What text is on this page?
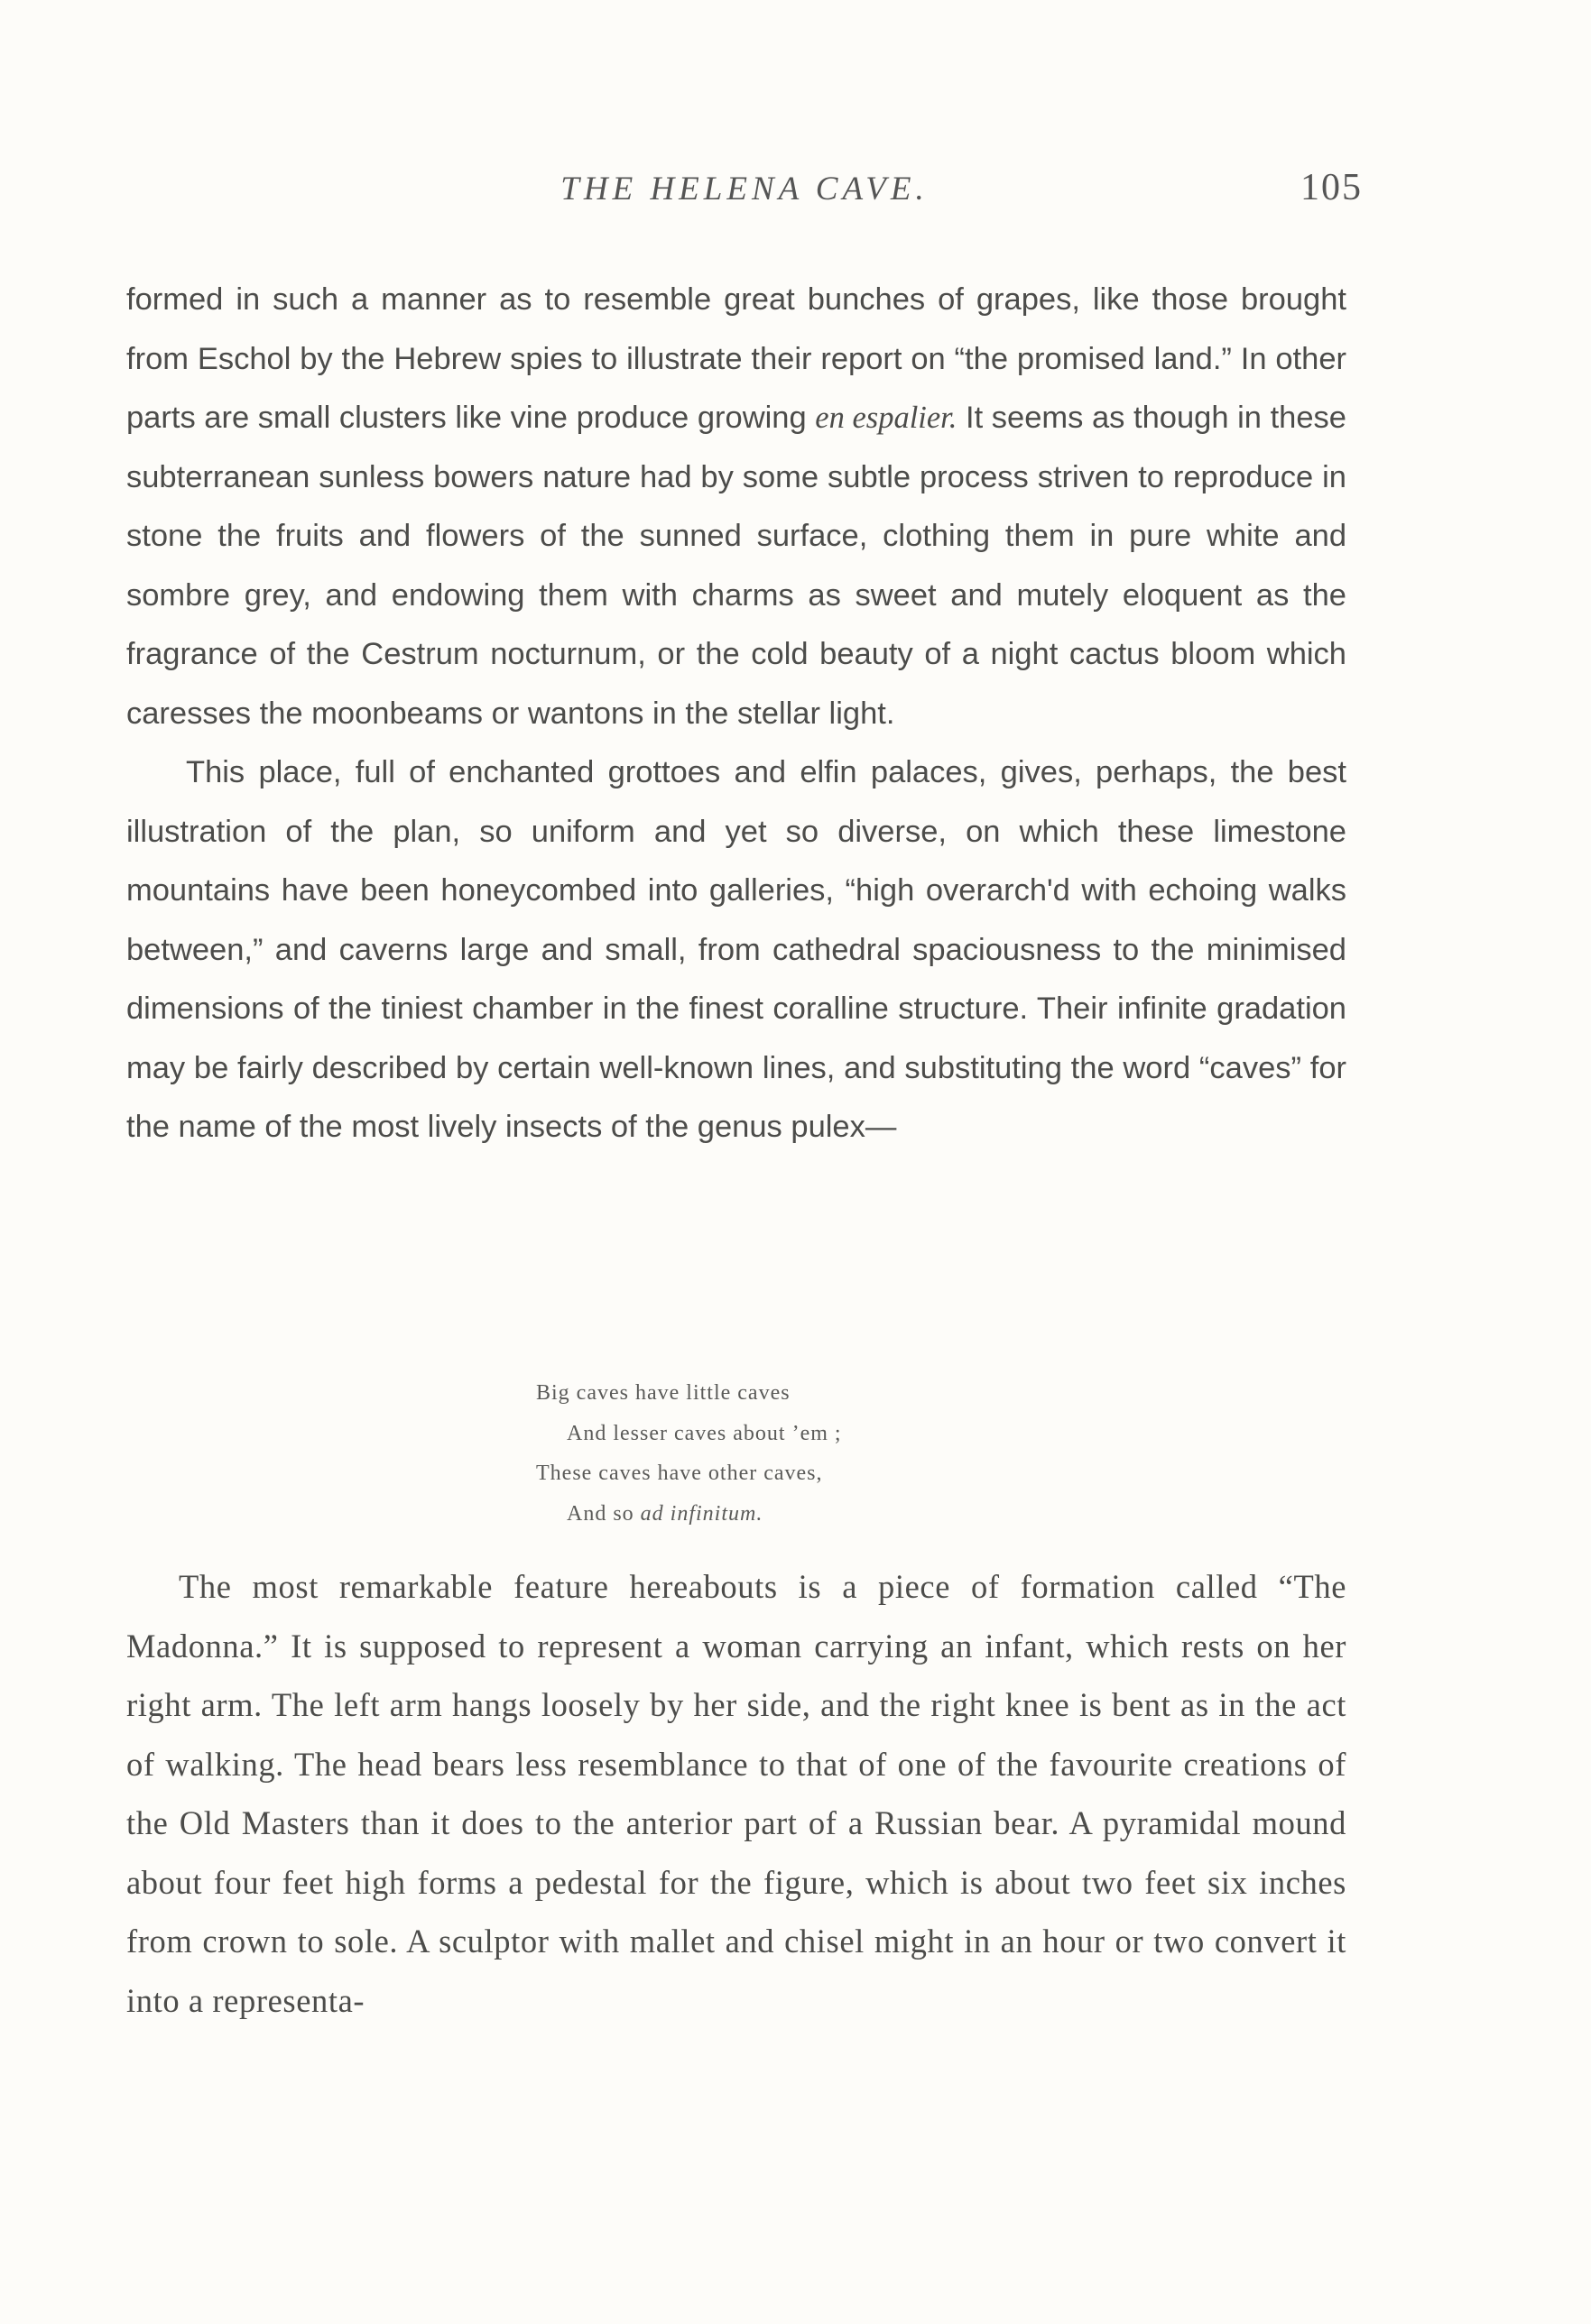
THE HELENA CAVE.	105

formed in such a manner as to resemble great bunches of grapes, like those brought from Eschol by the Hebrew spies to illustrate their report on “the promised land.” In other parts are small clusters like vine produce growing en espalier. It seems as though in these subterranean sunless bowers nature had by some subtle process striven to reproduce in stone the fruits and flowers of the sunned surface, clothing them in pure white and sombre grey, and endowing them with charms as sweet and mutely eloquent as the fragrance of the Cestrum nocturnum, or the cold beauty of a night cactus bloom which caresses the moonbeams or wantons in the stellar light.

This place, full of enchanted grottoes and elfin palaces, gives, perhaps, the best illustration of the plan, so uniform and yet so diverse, on which these limestone mountains have been honeycombed into galleries, “high overarch'd with echoing walks between,” and caverns large and small, from cathedral spaciousness to the minimised dimensions of the tiniest chamber in the finest coralline structure. Their infinite gradation may be fairly described by certain well-known lines, and substituting the word “caves” for the name of the most lively insects of the genus pulex—

Big caves have little caves
And lesser caves about ’em ;
These caves have other caves,
And so ad infinitum.

The most remarkable feature hereabouts is a piece of formation called “The Madonna.” It is supposed to represent a woman carrying an infant, which rests on her right arm. The left arm hangs loosely by her side, and the right knee is bent as in the act of walking. The head bears less resemblance to that of one of the favourite creations of the Old Masters than it does to the anterior part of a Russian bear. A pyramidal mound about four feet high forms a pedestal for the figure, which is about two feet six inches from crown to sole. A sculptor with mallet and chisel might in an hour or two convert it into a representa-
